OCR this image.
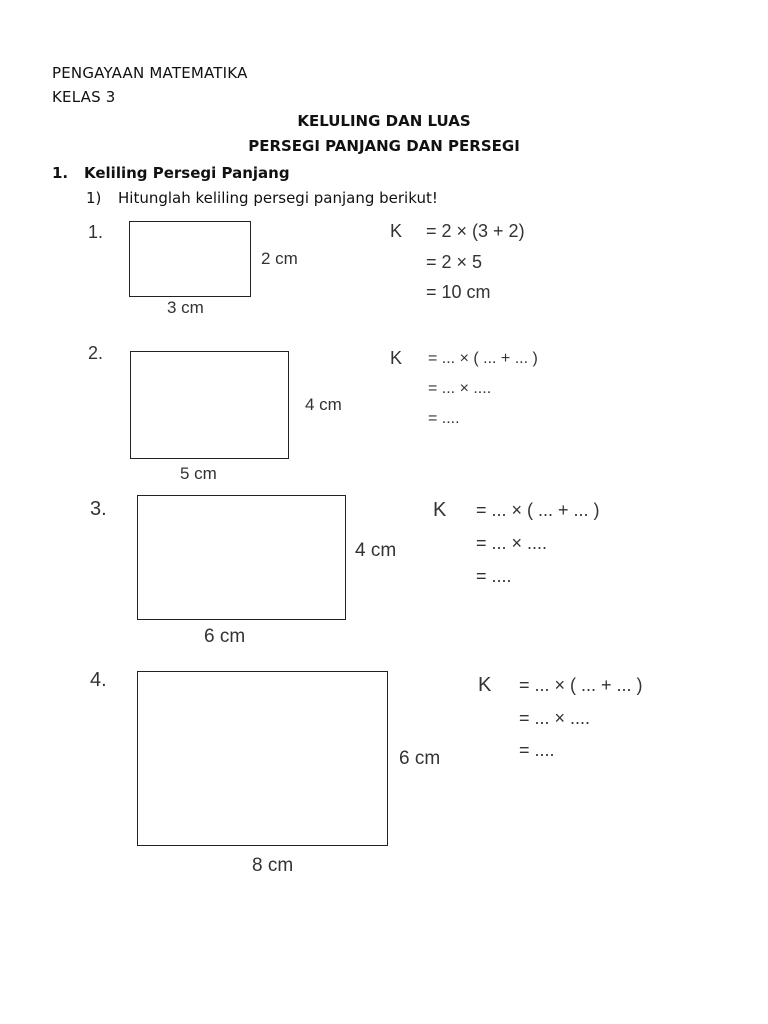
PENGAYAAN MATEMATIKA
KELAS 3
KELULING DAN LUAS
PERSEGI PANJANG DAN PERSEGI
1. Keliling Persegi Panjang
1) Hitunglah keliling persegi panjang berikut!
1.
2 cm
3 cm
K = 2 × (3 + 2)
= 2 × 5
= 10 cm
2.
4 cm
5 cm
K = ... × ( ... + ... )
= ... × ....
= ....
3.
4 cm
6 cm
K = ... × ( ... + ... )
= ... × ....
= ....
4.
6 cm
8 cm
K = ... × ( ... + ... )
= ... × ....
= ....
